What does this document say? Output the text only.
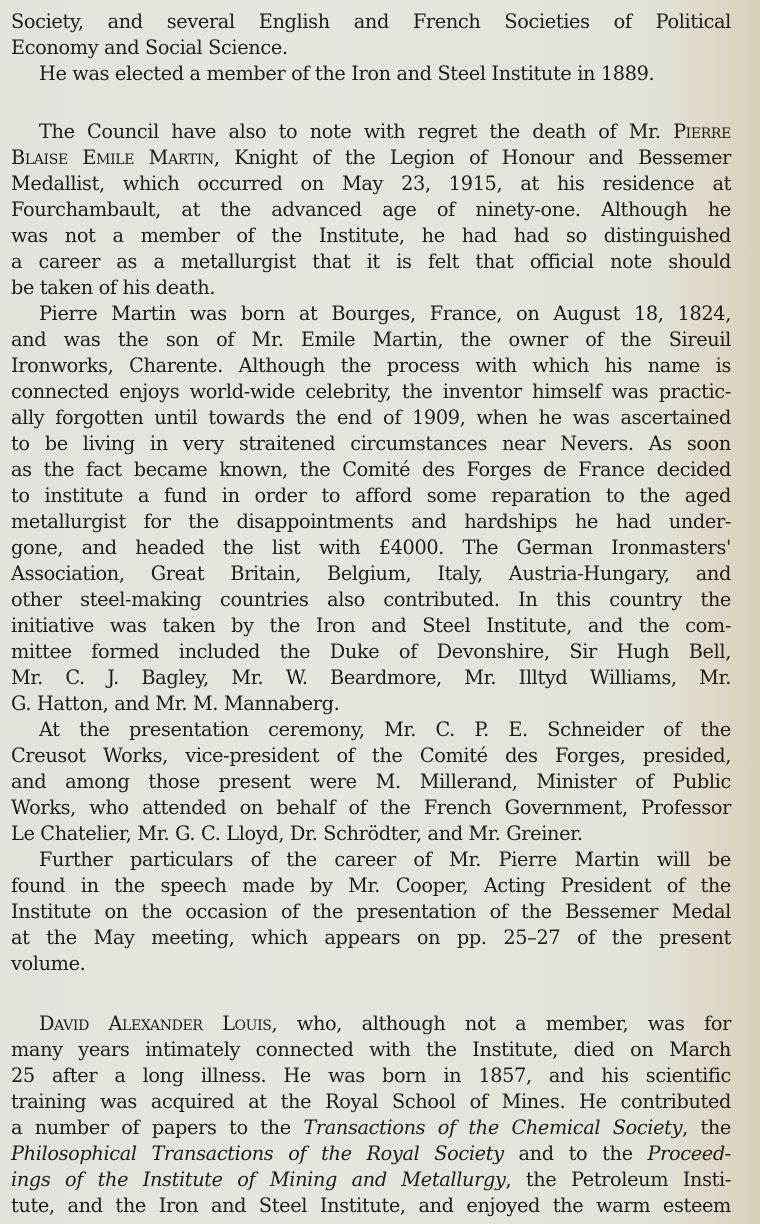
Society, and several English and French Societies of Political
Economy and Social Science.
He was elected a member of the Iron and Steel Institute in 1889.
The Council have also to note with regret the death of Mr. Pierre
Blaise Emile Martin, Knight of the Legion of Honour and Bessemer
Medallist, which occurred on May 23, 1915, at his residence at
Fourchambault, at the advanced age of ninety-one. Although he
was not a member of the Institute, he had had so distinguished
a career as a metallurgist that it is felt that official note should
be taken of his death.
Pierre Martin was born at Bourges, France, on August 18, 1824,
and was the son of Mr. Emile Martin, the owner of the Sireuil
Ironworks, Charente. Although the process with which his name is
connected enjoys world-wide celebrity, the inventor himself was practic-
ally forgotten until towards the end of 1909, when he was ascertained
to be living in very straitened circumstances near Nevers. As soon
as the fact became known, the Comité des Forges de France decided
to institute a fund in order to afford some reparation to the aged
metallurgist for the disappointments and hardships he had under-
gone, and headed the list with £4000. The German Ironmasters'
Association, Great Britain, Belgium, Italy, Austria-Hungary, and
other steel-making countries also contributed. In this country the
initiative was taken by the Iron and Steel Institute, and the com-
mittee formed included the Duke of Devonshire, Sir Hugh Bell,
Mr. C. J. Bagley, Mr. W. Beardmore, Mr. Illtyd Williams, Mr.
G. Hatton, and Mr. M. Mannaberg.
At the presentation ceremony, Mr. C. P. E. Schneider of the
Creusot Works, vice-president of the Comité des Forges, presided,
and among those present were M. Millerand, Minister of Public
Works, who attended on behalf of the French Government, Professor
Le Chatelier, Mr. G. C. Lloyd, Dr. Schrödter, and Mr. Greiner.
Further particulars of the career of Mr. Pierre Martin will be
found in the speech made by Mr. Cooper, Acting President of the
Institute on the occasion of the presentation of the Bessemer Medal
at the May meeting, which appears on pp. 25–27 of the present
volume.
David Alexander Louis, who, although not a member, was for
many years intimately connected with the Institute, died on March
25 after a long illness. He was born in 1857, and his scientific
training was acquired at the Royal School of Mines. He contributed
a number of papers to the Transactions of the Chemical Society, the
Philosophical Transactions of the Royal Society and to the Proceed-
ings of the Institute of Mining and Metallurgy, the Petroleum Insti-
tute, and the Iron and Steel Institute, and enjoyed the warm esteem
